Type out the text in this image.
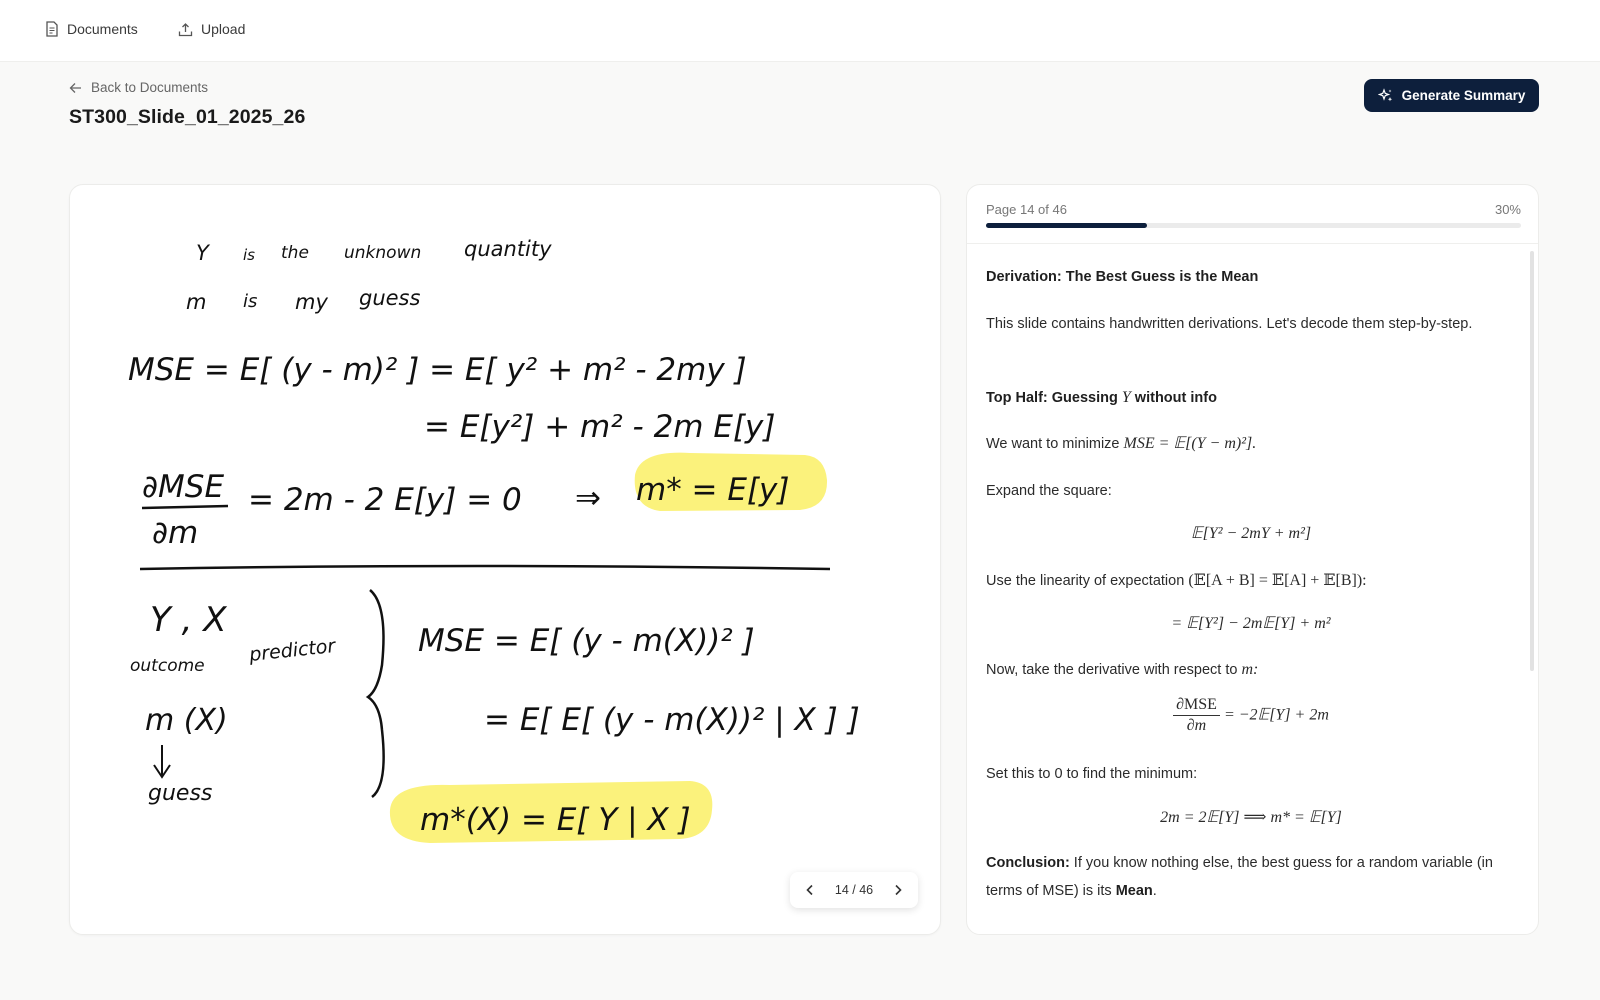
Documents	Upload
Back to Documents
ST300_Slide_01_2025_26
Generate Summary
Y is the unknown quantity
m is my guess
MSE = E[ (y - m)² ] = E[ y² + m² - 2my ]
= E[y²] + m² - 2m E[y]
∂MSE
∂m
= 2m - 2 E[y] = 0 ⇒ m* = E[y]
Y , X
outcome
predictor
m (X)
guess
MSE = E[ (y - m(X))² ]
= E[ E[ (y - m(X))² | X ] ]
m*(X) = E[ Y | X ]
14 / 46
Page 14 of 46	30%
Derivation: The Best Guess is the Mean
This slide contains handwritten derivations. Let's decode them step-by-step.
Top Half: Guessing Y without info
We want to minimize MSE = 𝔼[(Y − m)²].
Expand the square:
𝔼[Y² − 2mY + m²]
Use the linearity of expectation (𝔼[A + B] = 𝔼[A] + 𝔼[B]):
= 𝔼[Y²] − 2m𝔼[Y] + m²
Now, take the derivative with respect to m:
$\frac{\text{∂MSE}}{\partial m}$ = −2𝔼[Y] + 2m
Set this to 0 to find the minimum:
2m = 2𝔼[Y] ⟹ m* = 𝔼[Y]
Conclusion: If you know nothing else, the best guess for a random variable (in terms of MSE) is its Mean.
